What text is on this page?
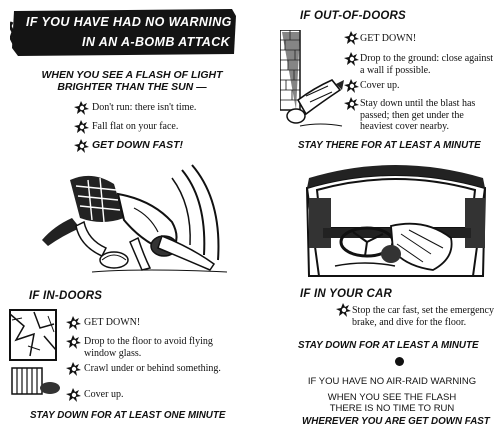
IF YOU HAVE HAD NO WARNING
IN AN A-BOMB ATTACK
WHEN YOU SEE A FLASH OF LIGHT BRIGHTER THAN THE SUN —
Don't run: there isn't time.
Fall flat on your face.
GET DOWN FAST!
IF IN-DOORS
GET DOWN!
Drop to the floor to avoid flying window glass.
Crawl under or behind something.
Cover up.
STAY DOWN FOR AT LEAST ONE MINUTE
IF OUT-OF-DOORS
GET DOWN!
Drop to the ground: close against a wall if possible.
Cover up.
Stay down until the blast has passed; then get under the heaviest cover nearby.
STAY THERE FOR AT LEAST A MINUTE
IF IN YOUR CAR
Stop the car fast, set the emergency brake, and dive for the floor.
STAY DOWN FOR AT LEAST A MINUTE
IF YOU HAVE NO AIR-RAID WARNING
WHEN YOU SEE THE FLASH
THERE IS NO TIME TO RUN
WHEREVER YOU ARE GET DOWN FAST
